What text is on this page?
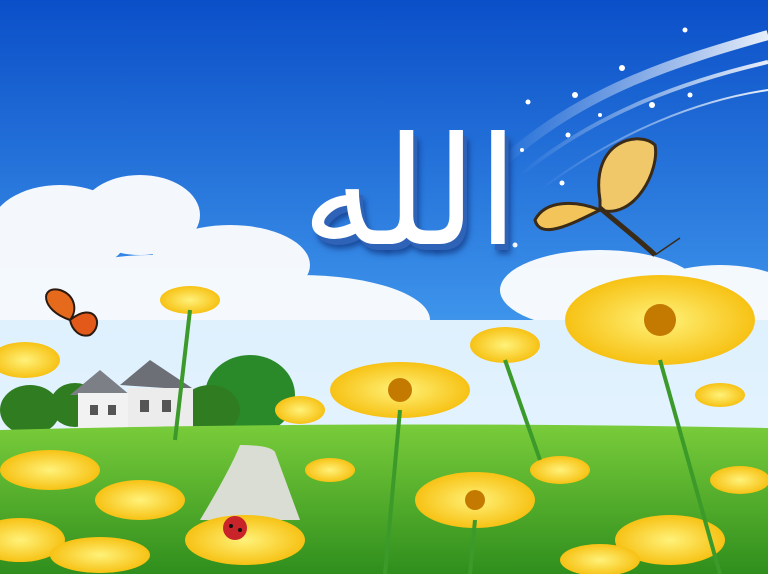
الله
